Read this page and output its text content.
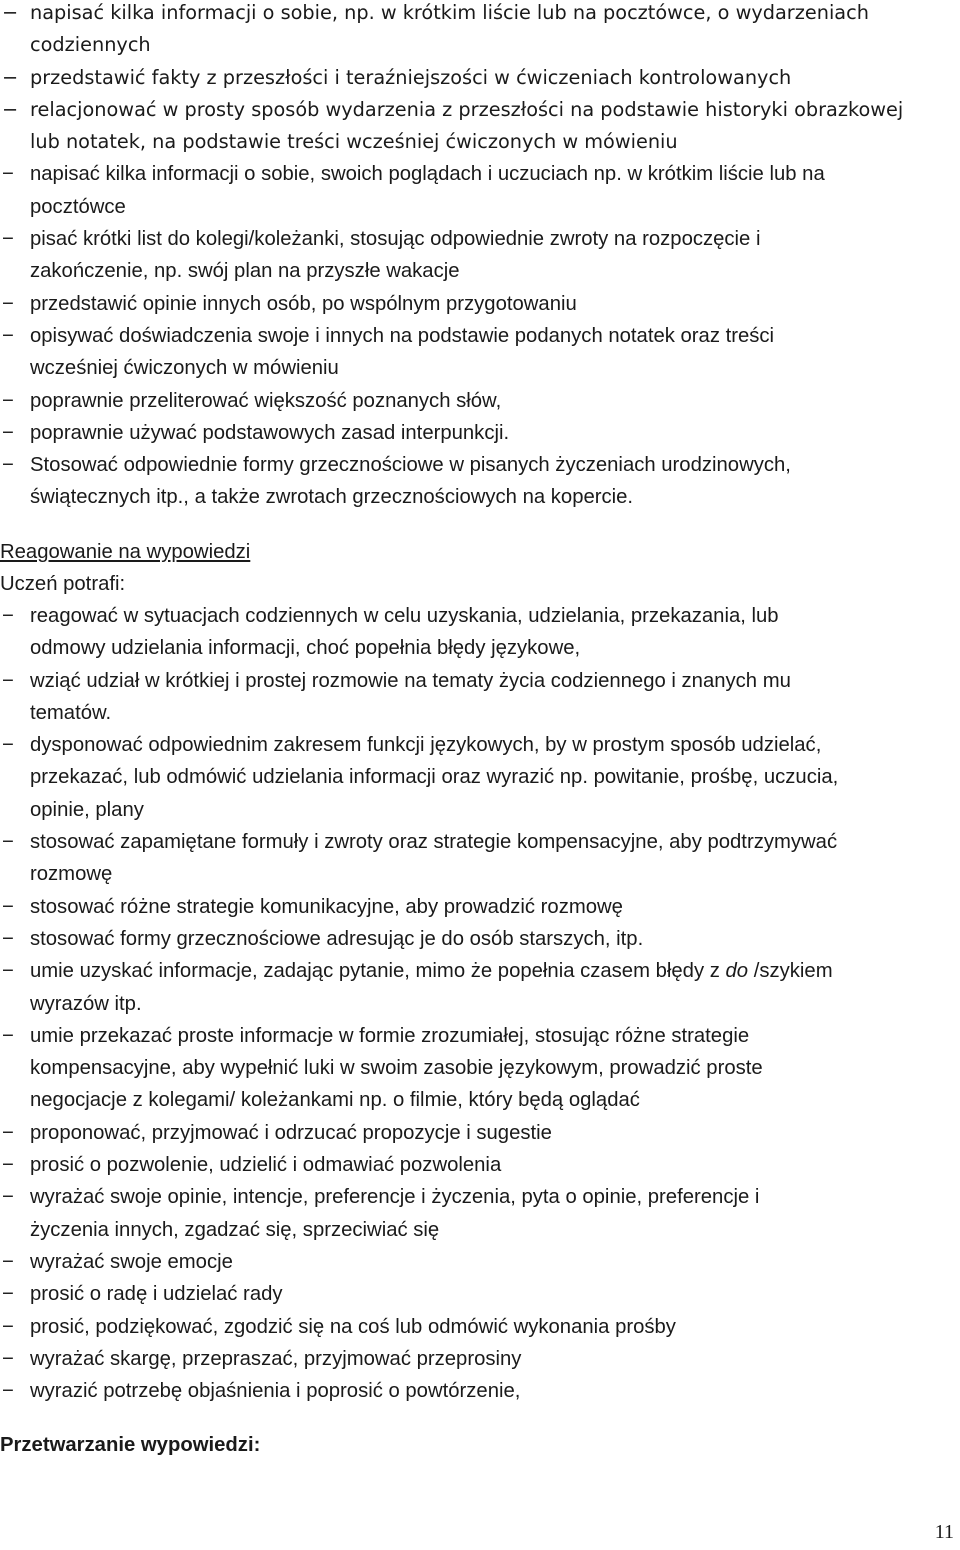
− napisać kilka informacji o sobie, np. w krótkim liście lub na pocztówce, o wydarzeniach
codziennych
− przedstawić fakty z przeszłości i teraźniejszości w ćwiczeniach kontrolowanych
− relacjonować w prosty sposób wydarzenia z przeszłości na podstawie historyki obrazkowej
lub notatek, na podstawie treści wcześniej ćwiczonych w mówieniu
− napisać kilka informacji o sobie, swoich poglądach i uczuciach np. w krótkim liście lub na
pocztówce
− pisać krótki list do kolegi/koleżanki, stosując odpowiednie zwroty na rozpoczęcie i
zakończenie, np. swój plan na przyszłe wakacje
− przedstawić opinie innych osób, po wspólnym przygotowaniu
− opisywać doświadczenia swoje i innych na podstawie podanych notatek oraz treści
wcześniej ćwiczonych w mówieniu
− poprawnie przeliterować większość poznanych słów,
− poprawnie używać podstawowych zasad interpunkcji.
− Stosować odpowiednie formy grzecznościowe w pisanych życzeniach urodzinowych,
świątecznych itp., a także zwrotach grzecznościowych na kopercie.
Reagowanie na wypowiedzi
Uczeń potrafi:
− reagować w sytuacjach codziennych w celu uzyskania, udzielania, przekazania, lub
odmowy udzielania informacji, choć popełnia błędy językowe,
− wziąć udział w krótkiej i prostej rozmowie na tematy życia codziennego i znanych mu
tematów.
− dysponować odpowiednim zakresem funkcji językowych, by w prostym sposób udzielać,
przekazać, lub odmówić udzielania informacji oraz wyrazić np. powitanie, prośbę, uczucia,
opinie, plany
− stosować zapamiętane formuły i zwroty oraz strategie kompensacyjne, aby podtrzymywać
rozmowę
− stosować różne strategie komunikacyjne, aby prowadzić rozmowę
− stosować formy grzecznościowe adresując je do osób starszych, itp.
− umie uzyskać informacje, zadając pytanie, mimo że popełnia czasem błędy z do /szykiem
wyrazów itp.
− umie przekazać proste informacje w formie zrozumiałej, stosując różne strategie
kompensacyjne, aby wypełnić luki w swoim zasobie językowym, prowadzić proste
negocjacje z kolegami/ koleżankami np. o filmie, który będą oglądać
− proponować, przyjmować i odrzucać propozycje i sugestie
− prosić o pozwolenie, udzielić i odmawiać pozwolenia
− wyrażać swoje opinie, intencje, preferencje i życzenia, pyta o opinie, preferencje i
życzenia innych, zgadzać się, sprzeciwiać się
− wyrażać swoje emocje
− prosić o radę i udzielać rady
− prosić, podziękować, zgodzić się na coś lub odmówić wykonania prośby
− wyrażać skargę, przepraszać, przyjmować przeprosiny
− wyrazić potrzebę objaśnienia i poprosić o powtórzenie,
Przetwarzanie wypowiedzi:
11
